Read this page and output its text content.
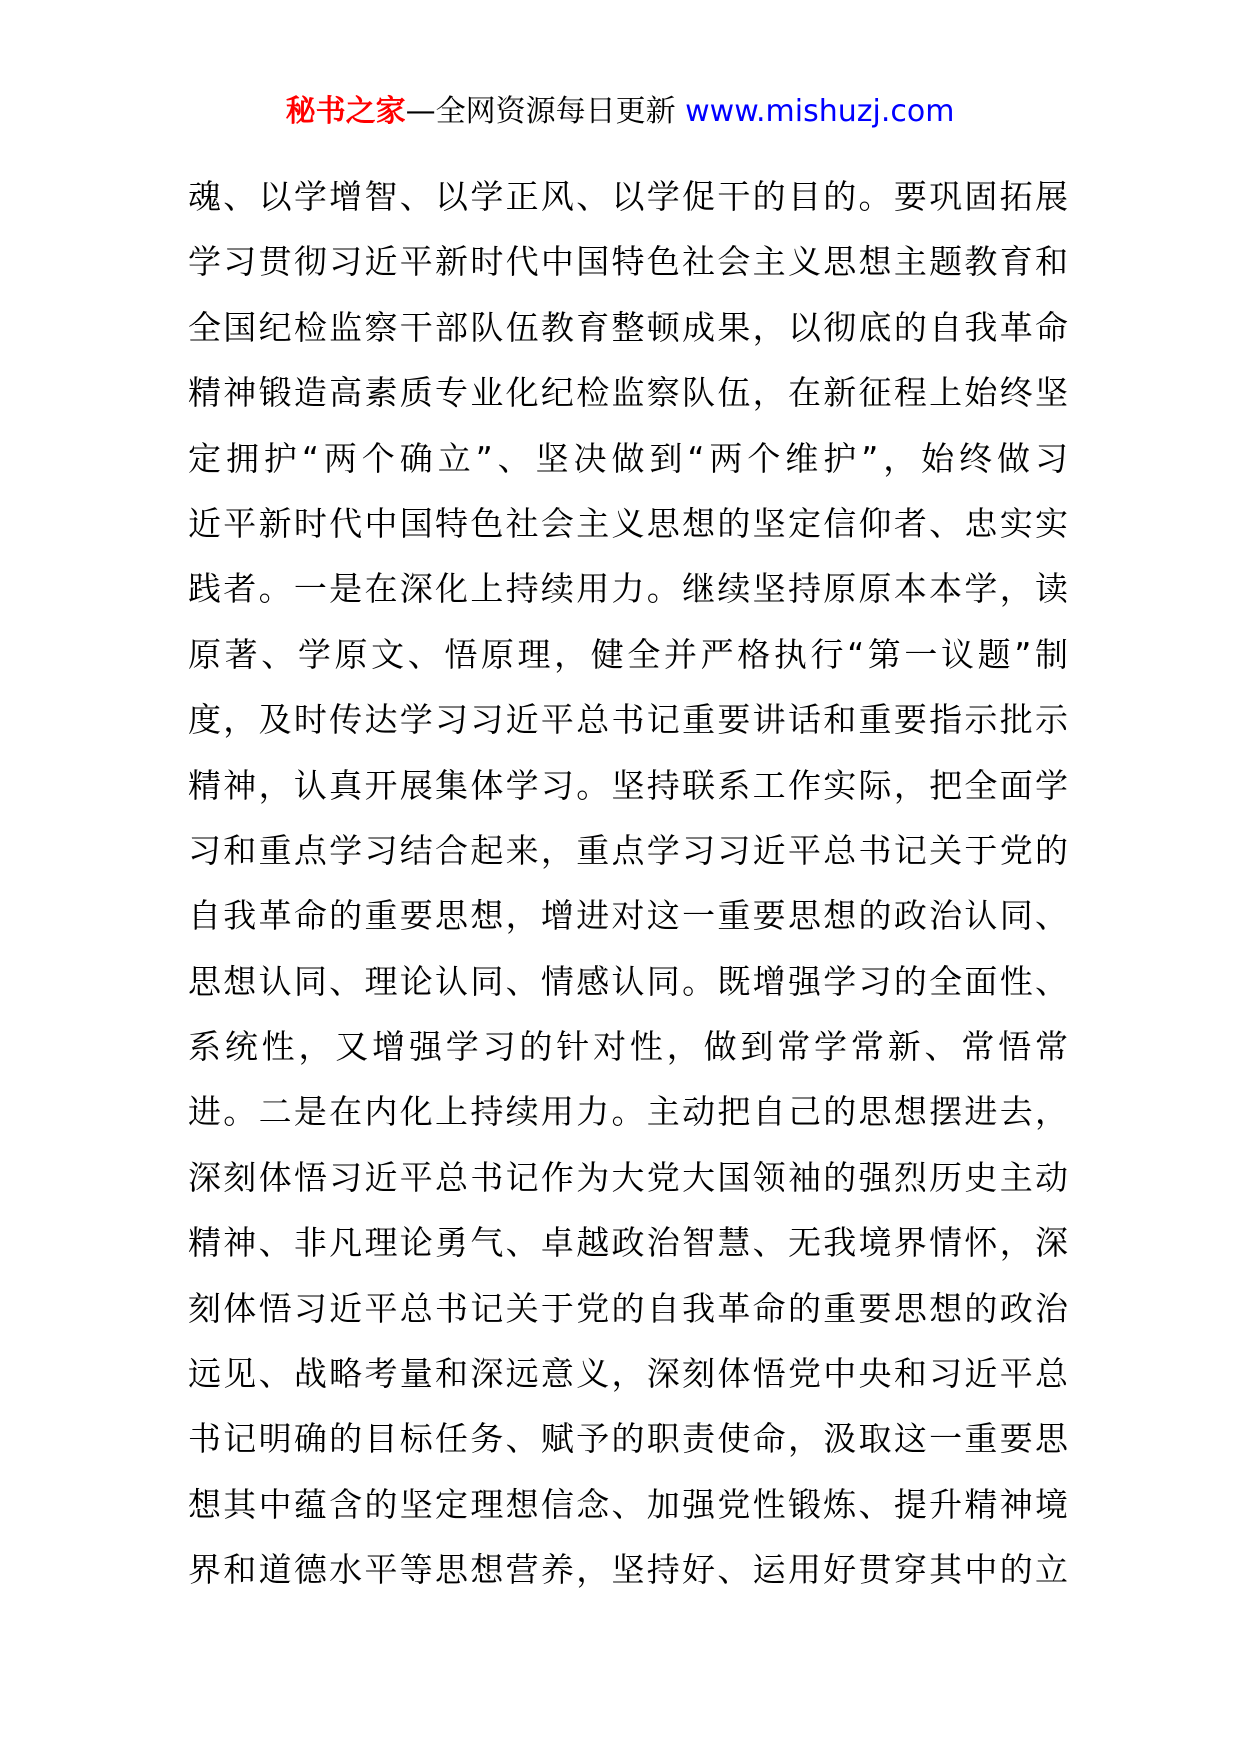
秘书之家—全网资源每日更新 www.mishuzj.com
魂、以学增智、以学正风、以学促干的目的。要巩固拓展
学习贯彻习近平新时代中国特色社会主义思想主题教育和
全国纪检监察干部队伍教育整顿成果，以彻底的自我革命
精神锻造高素质专业化纪检监察队伍，在新征程上始终坚
定拥护“两个确立”、坚决做到“两个维护”，始终做习
近平新时代中国特色社会主义思想的坚定信仰者、忠实实
践者。一是在深化上持续用力。继续坚持原原本本学，读
原著、学原文、悟原理，健全并严格执行“第一议题”制
度，及时传达学习习近平总书记重要讲话和重要指示批示
精神，认真开展集体学习。坚持联系工作实际，把全面学
习和重点学习结合起来，重点学习习近平总书记关于党的
自我革命的重要思想，增进对这一重要思想的政治认同、
思想认同、理论认同、情感认同。既增强学习的全面性、
系统性，又增强学习的针对性，做到常学常新、常悟常
进。二是在内化上持续用力。主动把自己的思想摆进去，
深刻体悟习近平总书记作为大党大国领袖的强烈历史主动
精神、非凡理论勇气、卓越政治智慧、无我境界情怀，深
刻体悟习近平总书记关于党的自我革命的重要思想的政治
远见、战略考量和深远意义，深刻体悟党中央和习近平总
书记明确的目标任务、赋予的职责使命，汲取这一重要思
想其中蕴含的坚定理想信念、加强党性锻炼、提升精神境
界和道德水平等思想营养，坚持好、运用好贯穿其中的立
